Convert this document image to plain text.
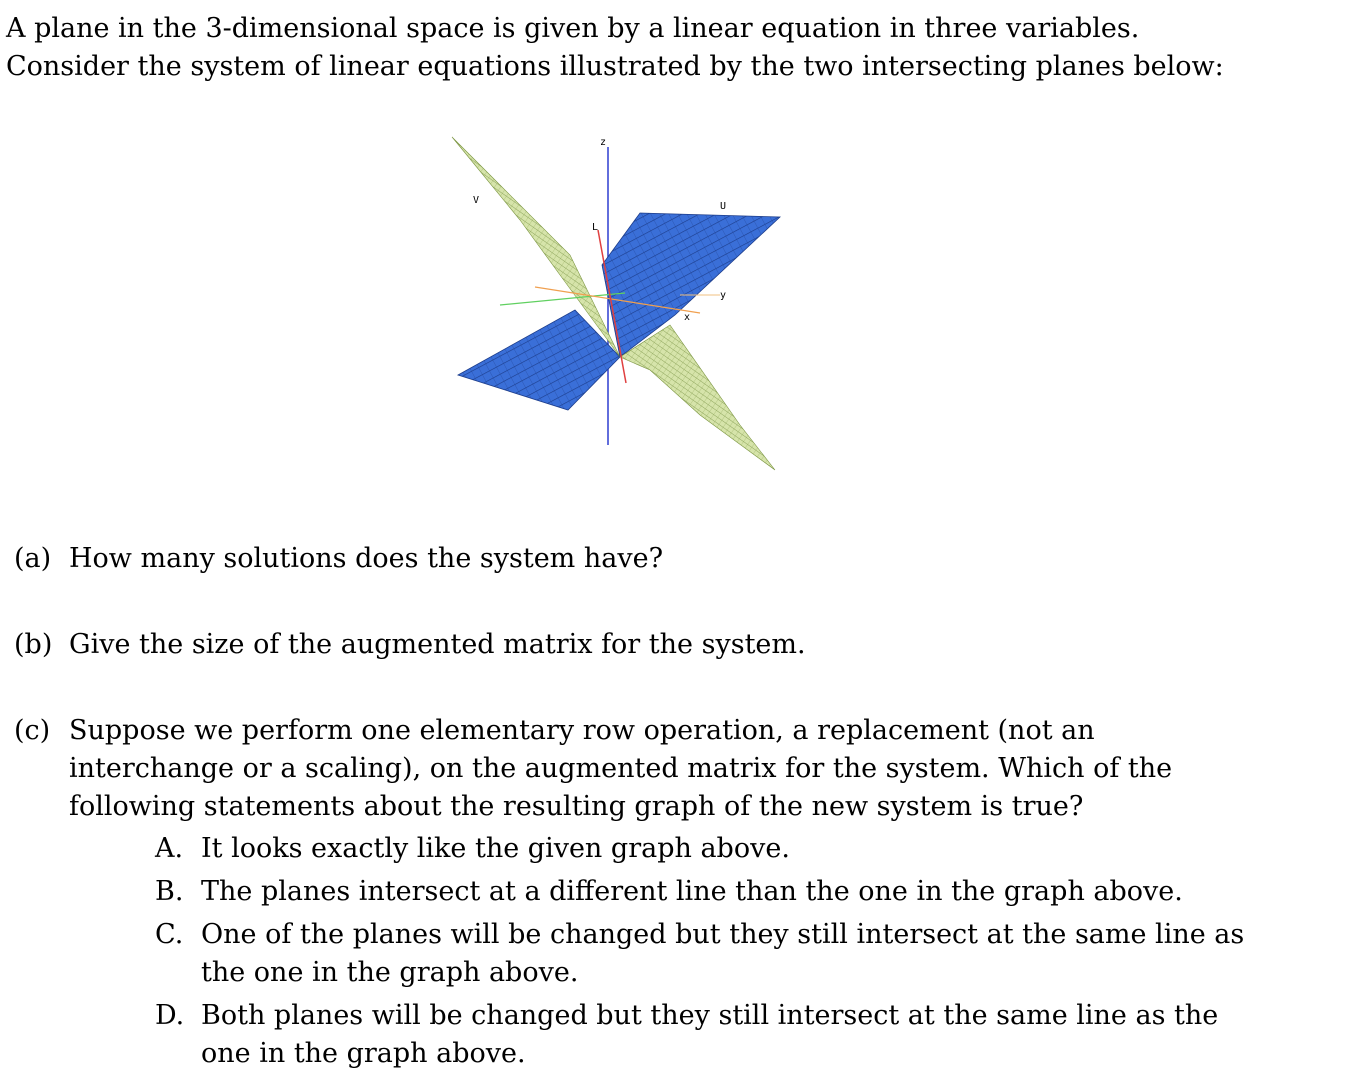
A plane in the 3-dimensional space is given by a linear equation in three variables. Consider the system of linear equations illustrated by the two intersecting planes below:

z
V
L
U
y
x
(a) How many solutions does the system have?
(b) Give the size of the augmented matrix for the system.
(c) Suppose we perform one elementary row operation, a replacement (not an interchange or a scaling), on the augmented matrix for the system. Which of the following statements about the resulting graph of the new system is true?
A. It looks exactly like the given graph above.
B. The planes intersect at a different line than the one in the graph above.
C. One of the planes will be changed but they still intersect at the same line as the one in the graph above.
D. Both planes will be changed but they still intersect at the same line as the one in the graph above.
